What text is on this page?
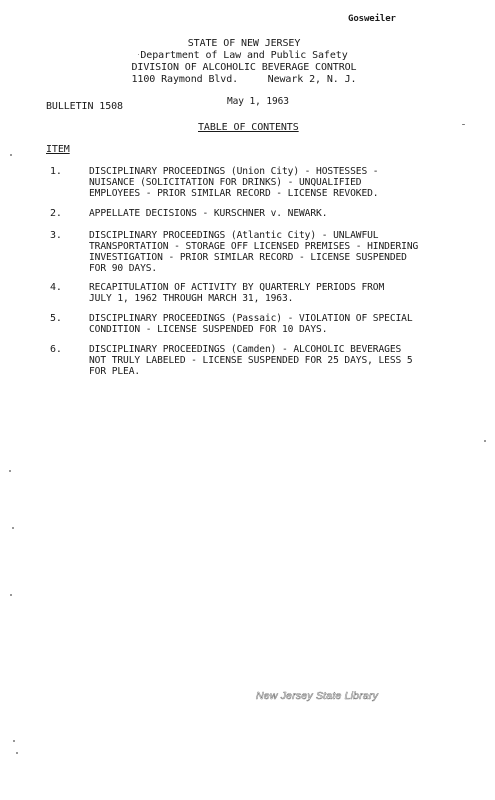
Gosweiler
STATE OF NEW JERSEY
Department of Law and Public Safety
DIVISION OF ALCOHOLIC BEVERAGE CONTROL
1100 Raymond Blvd.     Newark 2, N. J.
BULLETIN 1508	May 1, 1963
TABLE OF CONTENTS
ITEM
1.	DISCIPLINARY PROCEEDINGS (Union City) - HOSTESSES -
NUISANCE (SOLICITATION FOR DRINKS) - UNQUALIFIED
EMPLOYEES - PRIOR SIMILAR RECORD - LICENSE REVOKED.
2.	APPELLATE DECISIONS - KURSCHNER v. NEWARK.
3.	DISCIPLINARY PROCEEDINGS (Atlantic City) - UNLAWFUL
TRANSPORTATION - STORAGE OFF LICENSED PREMISES - HINDERING
INVESTIGATION - PRIOR SIMILAR RECORD - LICENSE SUSPENDED
FOR 90 DAYS.
4.	RECAPITULATION OF ACTIVITY BY QUARTERLY PERIODS FROM
JULY 1, 1962 THROUGH MARCH 31, 1963.
5.	DISCIPLINARY PROCEEDINGS (Passaic) - VIOLATION OF SPECIAL
CONDITION - LICENSE SUSPENDED FOR 10 DAYS.
6.	DISCIPLINARY PROCEEDINGS (Camden) - ALCOHOLIC BEVERAGES
NOT TRULY LABELED - LICENSE SUSPENDED FOR 25 DAYS, LESS 5
FOR PLEA.
New Jersey State Library
